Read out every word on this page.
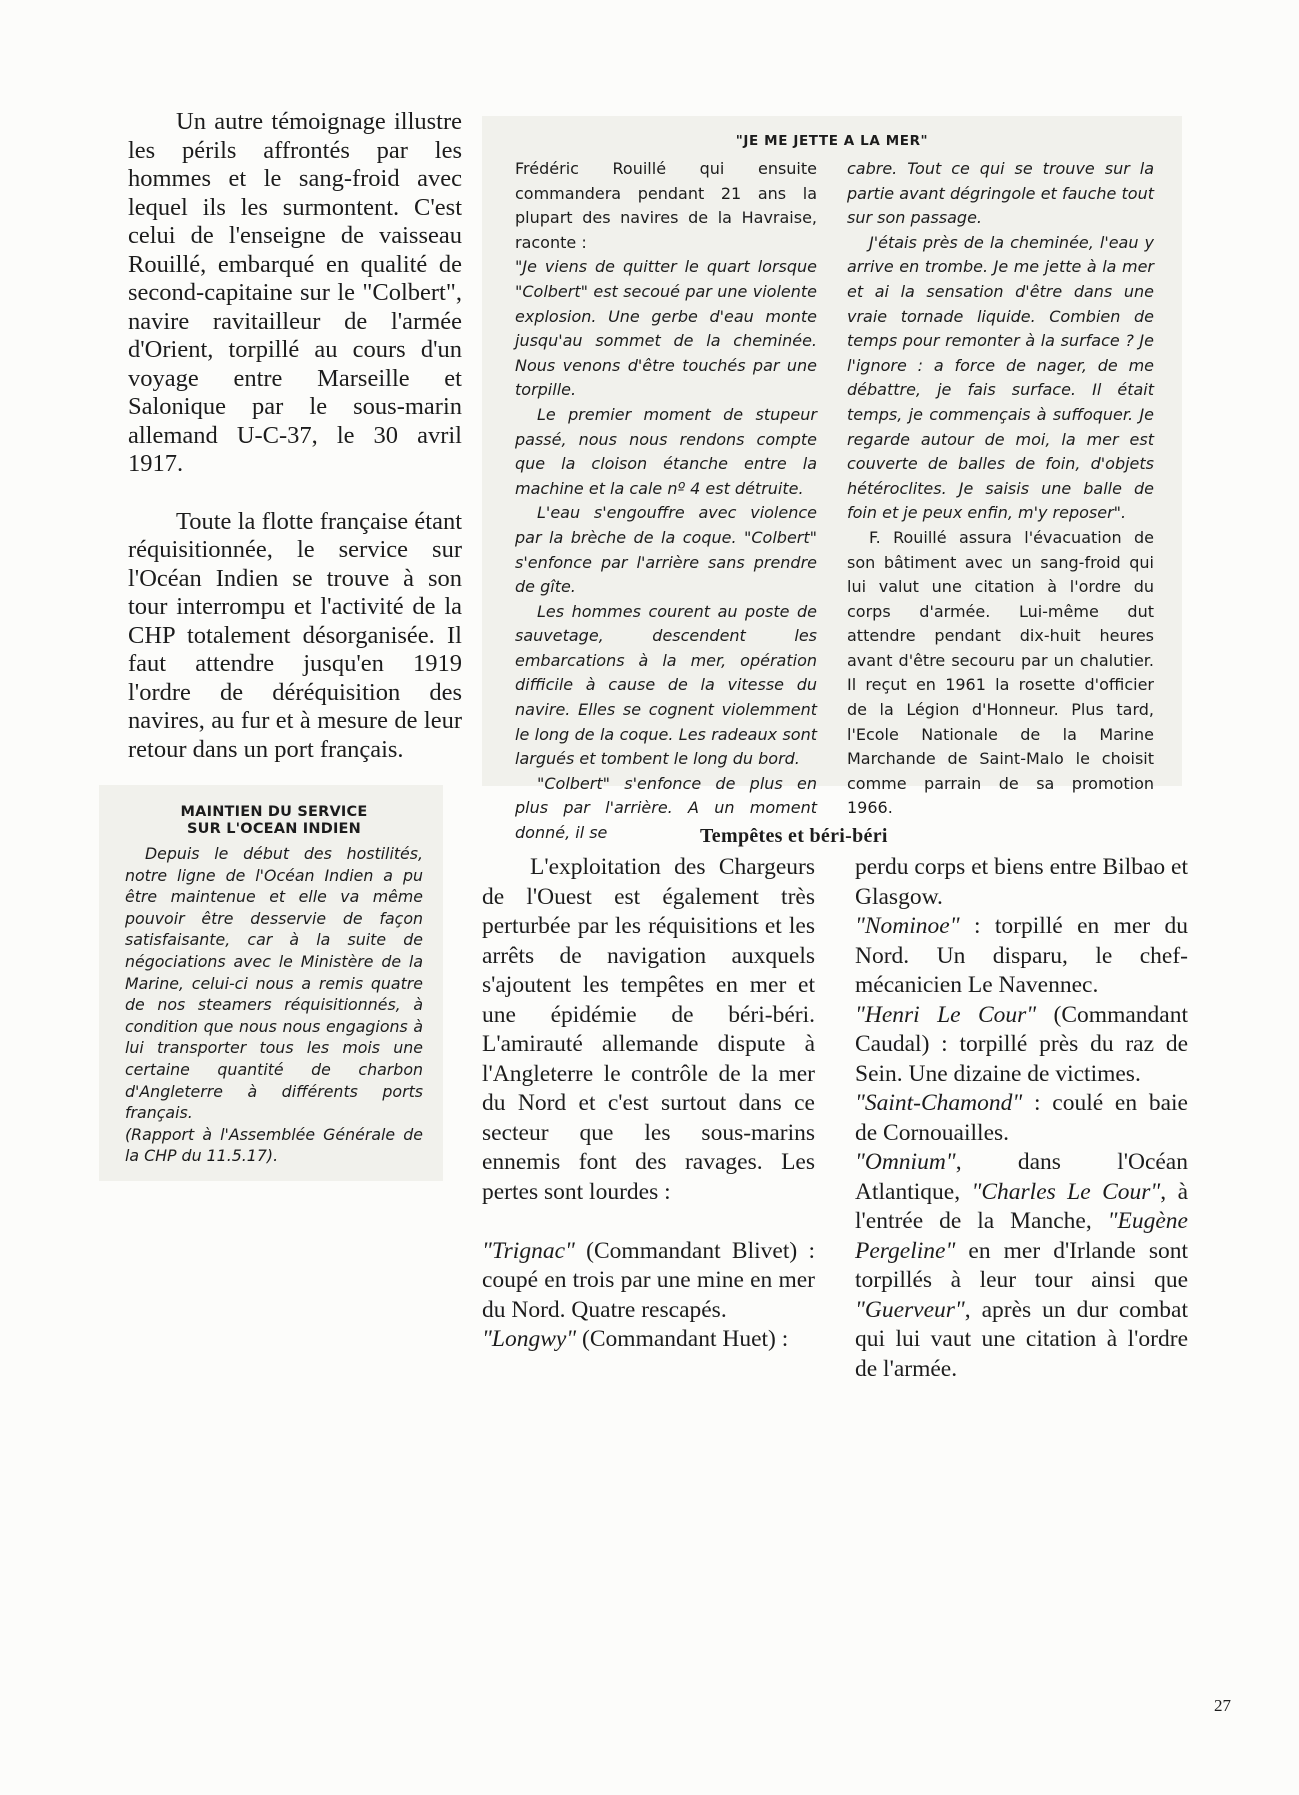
Un autre témoignage illustre les périls affrontés par les hommes et le sang-froid avec lequel ils les surmontent. C'est celui de l'enseigne de vaisseau Rouillé, embarqué en qualité de second-capitaine sur le "Colbert", navire ravitailleur de l'armée d'Orient, torpillé au cours d'un voyage entre Marseille et Salonique par le sous-marin allemand U-C-37, le 30 avril 1917.

Toute la flotte française étant réquisitionnée, le service sur l'Océan Indien se trouve à son tour interrompu et l'activité de la CHP totalement désorganisée. Il faut attendre jusqu'en 1919 l'ordre de déréquisition des navires, au fur et à mesure de leur retour dans un port français.

MAINTIEN DU SERVICE
SUR L'OCEAN INDIEN

Depuis le début des hostilités, notre ligne de l'Océan Indien a pu être maintenue et elle va même pouvoir être desservie de façon satisfaisante, car à la suite de négociations avec le Ministère de la Marine, celui-ci nous a remis quatre de nos steamers réquisitionnés, à condition que nous nous engagions à lui transporter tous les mois une certaine quantité de charbon d'Angleterre à différents ports français.

(Rapport à l'Assemblée Générale de la CHP du 11.5.17).

"JE ME JETTE A LA MER"

Frédéric Rouillé qui ensuite commandera pendant 21 ans la plupart des navires de la Havraise, raconte :

"Je viens de quitter le quart lorsque "Colbert" est secoué par une violente explosion. Une gerbe d'eau monte jusqu'au sommet de la cheminée. Nous venons d'être touchés par une torpille.

Le premier moment de stupeur passé, nous nous rendons compte que la cloison étanche entre la machine et la cale nº 4 est détruite.

L'eau s'engouffre avec violence par la brèche de la coque. "Colbert" s'enfonce par l'arrière sans prendre de gîte.

Les hommes courent au poste de sauvetage, descendent les embarcations à la mer, opération difficile à cause de la vitesse du navire. Elles se cognent violemment le long de la coque. Les radeaux sont largués et tombent le long du bord.

"Colbert" s'enfonce de plus en plus par l'arrière. A un moment donné, il se

cabre. Tout ce qui se trouve sur la partie avant dégringole et fauche tout sur son passage.

J'étais près de la cheminée, l'eau y arrive en trombe. Je me jette à la mer et ai la sensation d'être dans une vraie tornade liquide. Combien de temps pour remonter à la surface ? Je l'ignore : a force de nager, de me débattre, je fais surface. Il était temps, je commençais à suffoquer. Je regarde autour de moi, la mer est couverte de balles de foin, d'objets hétéroclites. Je saisis une balle de foin et je peux enfin, m'y reposer".

F. Rouillé assura l'évacuation de son bâtiment avec un sang-froid qui lui valut une citation à l'ordre du corps d'armée. Lui-même dut attendre pendant dix-huit heures avant d'être secouru par un chalutier. Il reçut en 1961 la rosette d'officier de la Légion d'Honneur. Plus tard, l'Ecole Nationale de la Marine Marchande de Saint-Malo le choisit comme parrain de sa promotion 1966.

Tempêtes et béri-béri

L'exploitation des Chargeurs de l'Ouest est également très perturbée par les réquisitions et les arrêts de navigation auxquels s'ajoutent les tempêtes en mer et une épidémie de béri-béri. L'amirauté allemande dispute à l'Angleterre le contrôle de la mer du Nord et c'est surtout dans ce secteur que les sous-marins ennemis font des ravages. Les pertes sont lourdes :

"Trignac" (Commandant Blivet) : coupé en trois par une mine en mer du Nord. Quatre rescapés.

"Longwy" (Commandant Huet) :

perdu corps et biens entre Bilbao et Glasgow.

"Nominoe" : torpillé en mer du Nord. Un disparu, le chef-mécanicien Le Navennec.

"Henri Le Cour" (Commandant Caudal) : torpillé près du raz de Sein. Une dizaine de victimes.

"Saint-Chamond" : coulé en baie de Cornouailles.

"Omnium", dans l'Océan Atlantique, "Charles Le Cour", à l'entrée de la Manche, "Eugène Pergeline" en mer d'Irlande sont torpillés à leur tour ainsi que "Guerveur", après un dur combat qui lui vaut une citation à l'ordre de l'armée.

27
